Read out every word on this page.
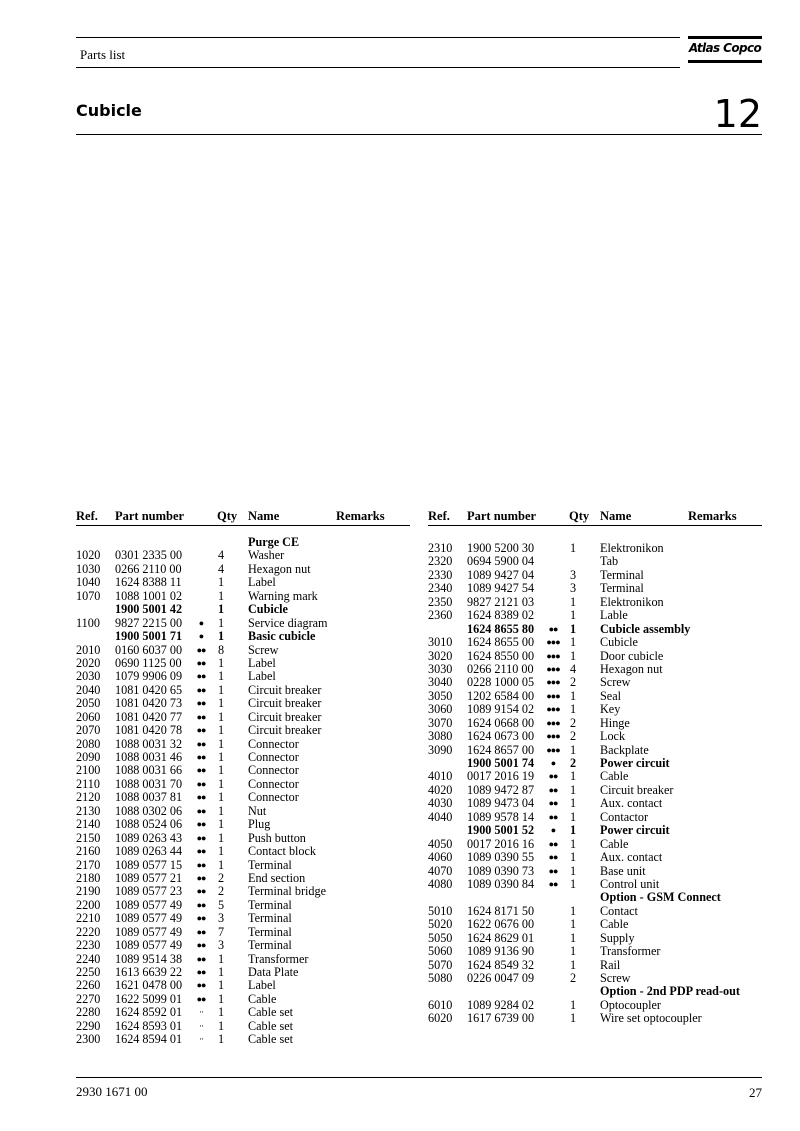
Parts list	Atlas Copco
Cubicle	12
Ref. Part number	Qty Name	Remarks
Purge CE
1020 0301 2335 00	4 Washer
1030 0266 2110 00	4 Hexagon nut
1040 1624 8388 11	1 Label
1070 1088 1001 02	1 Warning mark
1900 5001 42	1 Cubicle
1100 9827 2215 00	●	1 Service diagram
1900 5001 71	●	1 Basic cubicle
2010 0160 6037 00	●●	8 Screw
2020 0690 1125 00	●●	1 Label
2030 1079 9906 09	●●	1 Label
2040 1081 0420 65	●●	1 Circuit breaker
2050 1081 0420 73	●●	1 Circuit breaker
2060 1081 0420 77	●●	1 Circuit breaker
2070 1081 0420 78	●●	1 Circuit breaker
2080 1088 0031 32	●●	1 Connector
2090 1088 0031 46	●●	1 Connector
2100 1088 0031 66	●●	1 Connector
2110 1088 0031 70	●●	1 Connector
2120 1088 0037 81	●●	1 Connector
2130 1088 0302 06	●●	1 Nut
2140 1088 0524 06	●●	1 Plug
2150 1089 0263 43	●●	1 Push button
2160 1089 0263 44	●●	1 Contact block
2170 1089 0577 15	●●	1 Terminal
2180 1089 0577 21	●●	2 End section
2190 1089 0577 23	●●	2 Terminal bridge
2200 1089 0577 49	●●	5 Terminal
2210 1089 0577 49	●●	3 Terminal
2220 1089 0577 49	●●	7 Terminal
2230 1089 0577 49	●●	3 Terminal
2240 1089 9514 38	●●	1 Transformer
2250 1613 6639 22	●●	1 Data Plate
2260 1621 0478 00	●●	1 Label
2270 1622 5099 01	●●	1 Cable
2280 1624 8592 01	··	1 Cable set
2290 1624 8593 01	··	1 Cable set
2300 1624 8594 01	··	1 Cable set
Ref. Part number	Qty Name	Remarks
2310 1900 5200 30	1 Elektronikon
2320 0694 5900 04	Tab
2330 1089 9427 04	3 Terminal
2340 1089 9427 54	3 Terminal
2350 9827 2121 03	1 Elektronikon
2360 1624 8389 02	1 Lable
1624 8655 80	●●	1 Cubicle assembly
3010 1624 8655 00	●●● 1 Cubicle
3020 1624 8550 00	●●● 1 Door cubicle
3030 0266 2110 00	●●● 4 Hexagon nut
3040 0228 1000 05	●●● 2 Screw
3050 1202 6584 00	●●● 1 Seal
3060 1089 9154 02	●●● 1 Key
3070 1624 0668 00	●●● 2 Hinge
3080 1624 0673 00	●●● 2 Lock
3090 1624 8657 00	●●● 1 Backplate
1900 5001 74	●	2 Power circuit
4010 0017 2016 19	●●	1 Cable
4020 1089 9472 87	●●	1 Circuit breaker
4030 1089 9473 04	●●	1 Aux. contact
4040 1089 9578 14	●●	1 Contactor
1900 5001 52	●	1 Power circuit
4050 0017 2016 16	●●	1 Cable
4060 1089 0390 55	●●	1 Aux. contact
4070 1089 0390 73	●●	1 Base unit
4080 1089 0390 84	●●	1 Control unit
Option - GSM Connect
5010 1624 8171 50	1 Contact
5020 1622 0676 00	1 Cable
5050 1624 8629 01	1 Supply
5060 1089 9136 90	1 Transformer
5070 1624 8549 32	1 Rail
5080 0226 0047 09	2 Screw
Option - 2nd PDP read-out
6010 1089 9284 02	1 Optocoupler
6020 1617 6739 00	1 Wire set optocoupler
2930 1671 00	27
